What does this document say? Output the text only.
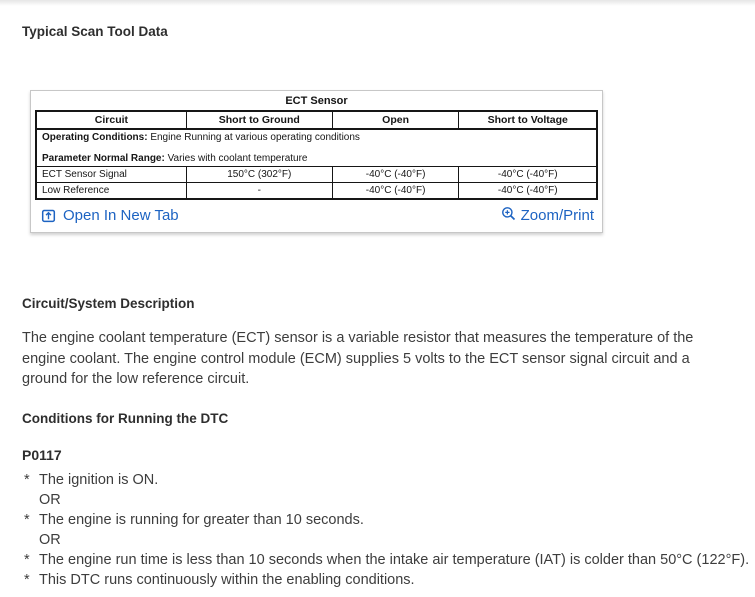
Typical Scan Tool Data
ECT Sensor
Circuit	Short to Ground	Open	Short to Voltage

Operating Conditions: Engine Running at various operating conditions
Parameter Normal Range: Varies with coolant temperature			

ECT Sensor Signal	150°C (302°F)	-40°C (-40°F)	-40°C (-40°F)
Low Reference	-	-40°C (-40°F)	-40°C (-40°F)
Open In New Tab	Zoom/Print
Circuit/System Description

The engine coolant temperature (ECT) sensor is a variable resistor that measures the temperature of the engine coolant. The engine control module (ECM) supplies 5 volts to the ECT sensor signal circuit and a ground for the low reference circuit.

Conditions for Running the DTC
P0117
* The ignition is ON.
OR
* The engine is running for greater than 10 seconds.
OR
* The engine run time is less than 10 seconds when the intake air temperature (IAT) is colder than 50°C (122°F).
* This DTC runs continuously within the enabling conditions.
